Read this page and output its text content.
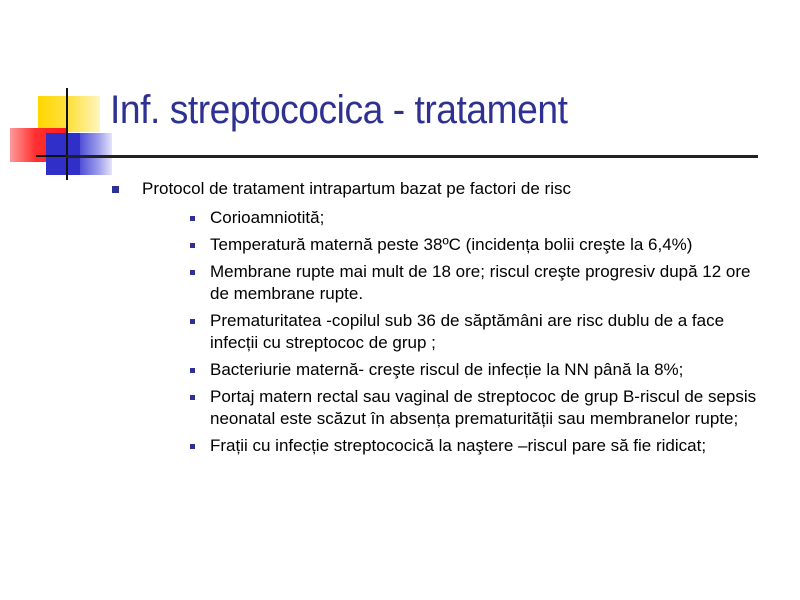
Inf. streptococica - tratament
Protocol de tratament intrapartum bazat pe factori de risc
Corioamniotită;
Temperatură maternă peste 38ºC (incidența bolii creşte la 6,4%)
Membrane rupte mai mult de 18 ore; riscul creşte progresiv după 12 ore de membrane rupte.
Prematuritatea -copilul sub 36 de săptămâni are risc dublu de a face infecții cu streptococ de grup ;
Bacteriurie maternă- creşte riscul de infecție la NN până la 8%;
Portaj matern rectal sau vaginal de streptococ de grup B-riscul de sepsis neonatal este scăzut în absența prematurității sau membranelor rupte;
Frații cu infecție streptococică la naştere –riscul pare să fie ridicat;
